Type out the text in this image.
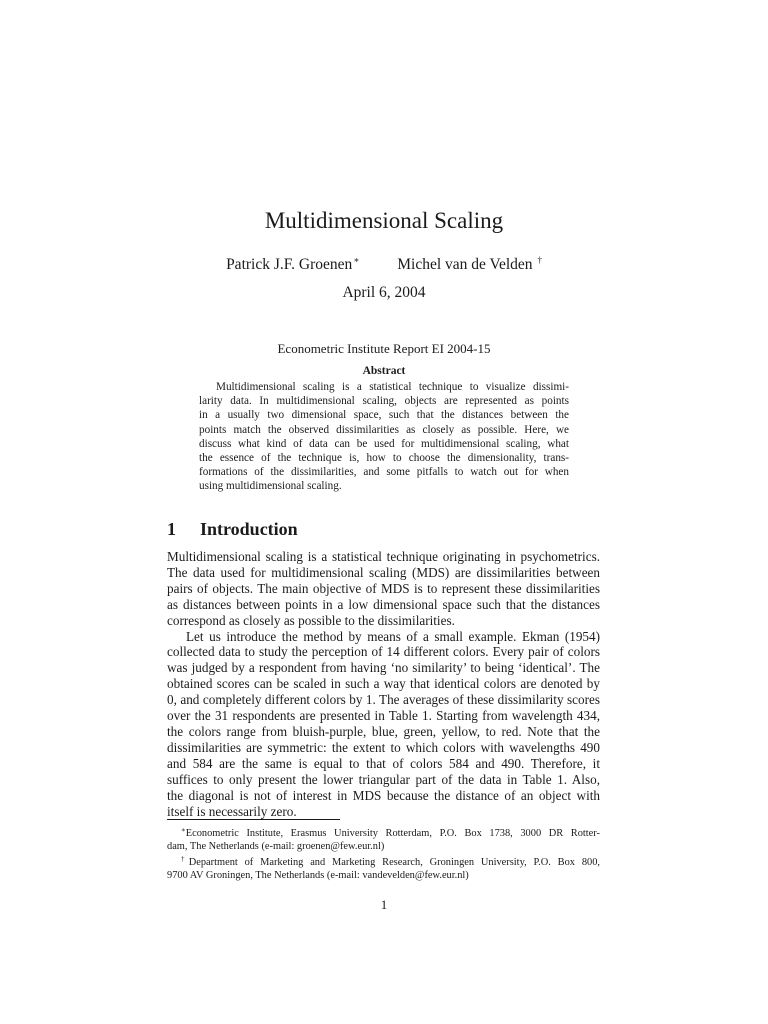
Multidimensional Scaling
Patrick J.F. Groenen∗ Michel van de Velden †
April 6, 2004
Econometric Institute Report EI 2004-15
Abstract
Multidimensional scaling is a statistical technique to visualize dissimi-
larity data. In multidimensional scaling, objects are represented as points
in a usually two dimensional space, such that the distances between the
points match the observed dissimilarities as closely as possible. Here, we
discuss what kind of data can be used for multidimensional scaling, what
the essence of the technique is, how to choose the dimensionality, trans-
formations of the dissimilarities, and some pitfalls to watch out for when
using multidimensional scaling.
1 Introduction
Multidimensional scaling is a statistical technique originating in psychometrics.
The data used for multidimensional scaling (MDS) are dissimilarities between
pairs of objects. The main objective of MDS is to represent these dissimilarities
as distances between points in a low dimensional space such that the distances
correspond as closely as possible to the dissimilarities.
Let us introduce the method by means of a small example. Ekman (1954)
collected data to study the perception of 14 different colors. Every pair of colors
was judged by a respondent from having ‘no similarity’ to being ‘identical’. The
obtained scores can be scaled in such a way that identical colors are denoted by
0, and completely different colors by 1. The averages of these dissimilarity scores
over the 31 respondents are presented in Table 1. Starting from wavelength 434,
the colors range from bluish-purple, blue, green, yellow, to red. Note that the
dissimilarities are symmetric: the extent to which colors with wavelengths 490
and 584 are the same is equal to that of colors 584 and 490. Therefore, it
suffices to only present the lower triangular part of the data in Table 1. Also,
the diagonal is not of interest in MDS because the distance of an object with
itself is necessarily zero.
∗Econometric Institute, Erasmus University Rotterdam, P.O. Box 1738, 3000 DR Rotter-
dam, The Netherlands (e-mail: groenen@few.eur.nl)
†Department of Marketing and Marketing Research, Groningen University, P.O. Box 800,
9700 AV Groningen, The Netherlands (e-mail: vandevelden@few.eur.nl)
1
